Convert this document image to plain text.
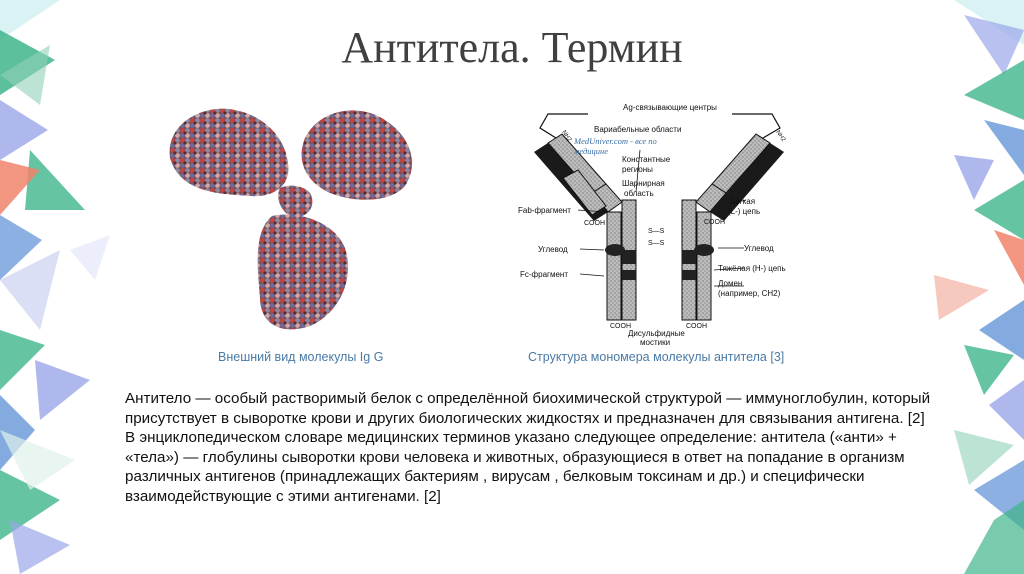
Антитела. Термин
Ag-связывающие центры
NH2	NH2
Вариабельные области
MedUniver.com - все по
медицине
Константные
регионы
Шарнирная
область
Fab-фрагмент
Лёгкая
(L-) цепь
S—S
S—S
COOH	COOH
Углевод	Углевод
Fc-фрагмент
Тяжёлая (Н-) цепь
Домен
(например, CH2)
COOH	COOH
Дисульфидные
мостики
Внешний вид молекулы Ig G	Структура мономера молекулы антитела [3]

Антитело — особый растворимый белок с определённой биохимической структурой — иммуноглобулин, который присутствует в сыворотке крови и других биологических жидкостях и предназначен для связывания антигена. [2]

В энциклопедическом словаре медицинских терминов указано следующее определение: антитела («анти» + «тела») — глобулины сыворотки крови человека и животных, образующиеся в ответ на попадание в организм различных антигенов (принадлежащих бактериям , вирусам , белковым токсинам и др.) и специфически взаимодействующие с этими антигенами. [2]
